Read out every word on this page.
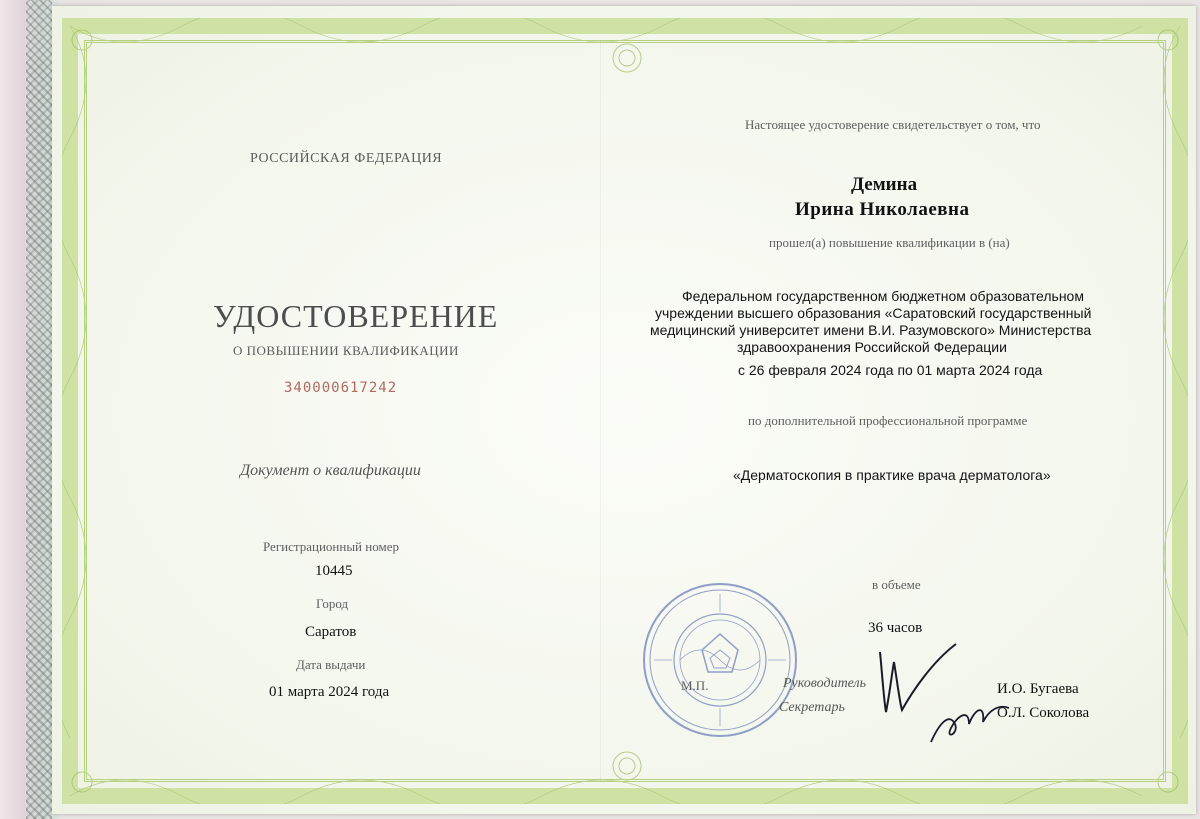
РОССИЙСКАЯ ФЕДЕРАЦИЯ
УДОСТОВЕРЕНИЕ
О ПОВЫШЕНИИ КВАЛИФИКАЦИИ
340000617242
Документ о квалификации
Регистрационный номер
10445
Город
Саратов
Дата выдачи
01 марта 2024 года
Настоящее удостоверение свидетельствует о том, что
Демина
Ирина Николаевна
прошел(а) повышение квалификации в (на)
Федеральном государственном бюджетном образовательном
учреждении высшего образования «Саратовский государственный
медицинский университет имени В.И. Разумовского» Министерства
здравоохранения Российской Федерации
с 26 февраля 2024 года по 01 марта 2024 года
по дополнительной профессиональной программе
«Дерматоскопия в практике врача дерматолога»
в объеме
36 часов
М.П.	Руководитель
Секретарь
И.О. Бугаева
О.Л. Соколова
